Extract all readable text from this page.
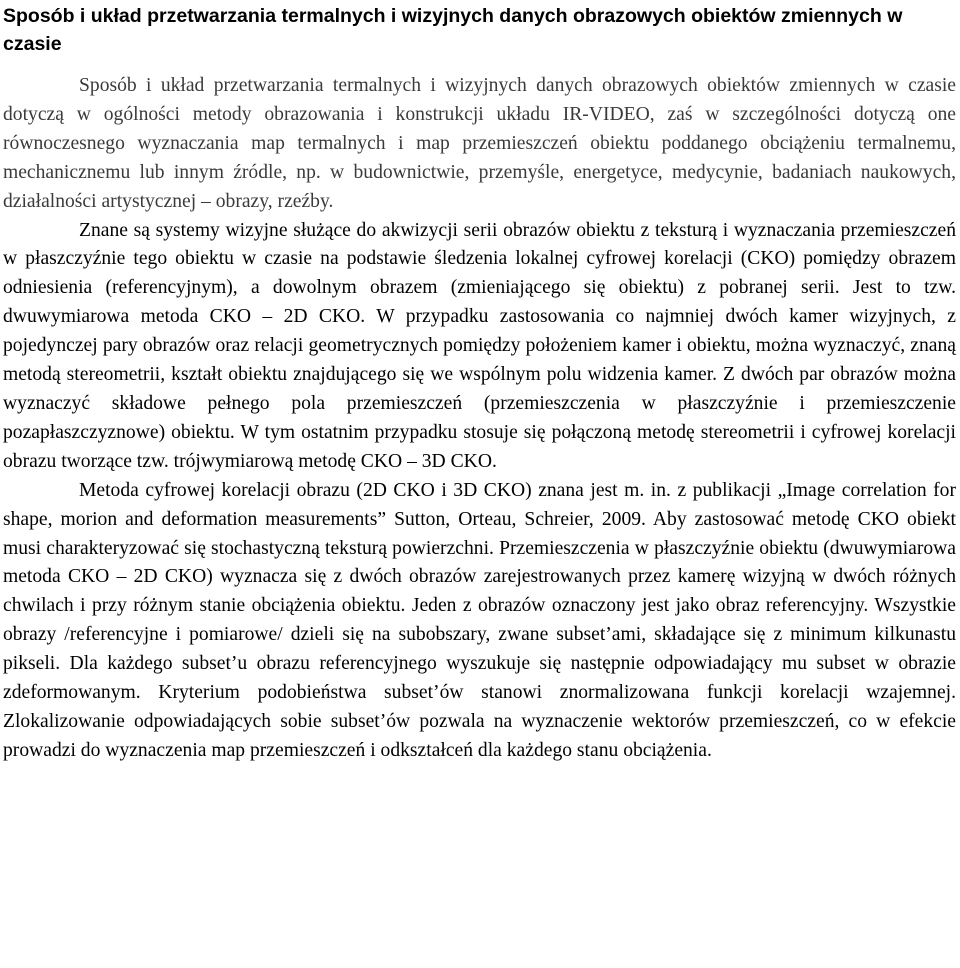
Sposób i układ przetwarzania termalnych i wizyjnych danych obrazowych obiektów zmiennych w czasie

Sposób i układ przetwarzania termalnych i wizyjnych danych obrazowych obiektów zmiennych w czasie dotyczą w ogólności metody obrazowania i konstrukcji układu IR-VIDEO, zaś w szczególności dotyczą one równoczesnego wyznaczania map termalnych i map przemieszczeń obiektu poddanego obciążeniu termalnemu, mechanicznemu lub innym źródle, np. w budownictwie, przemyśle, energetyce, medycynie, badaniach naukowych, działalności artystycznej – obrazy, rzeźby.

Znane są systemy wizyjne służące do akwizycji serii obrazów obiektu z teksturą i wyznaczania przemieszczeń w płaszczyźnie tego obiektu w czasie na podstawie śledzenia lokalnej cyfrowej korelacji (CKO) pomiędzy obrazem odniesienia (referencyjnym), a dowolnym obrazem (zmieniającego się obiektu) z pobranej serii. Jest to tzw. dwuwymiarowa metoda CKO – 2D CKO. W przypadku zastosowania co najmniej dwóch kamer wizyjnych, z pojedynczej pary obrazów oraz relacji geometrycznych pomiędzy położeniem kamer i obiektu, można wyznaczyć, znaną metodą stereometrii, kształt obiektu znajdującego się we wspólnym polu widzenia kamer. Z dwóch par obrazów można wyznaczyć składowe pełnego pola przemieszczeń (przemieszczenia w płaszczyźnie i przemieszczenie pozapłaszczyznowe) obiektu. W tym ostatnim przypadku stosuje się połączoną metodę stereometrii i cyfrowej korelacji obrazu tworzące tzw. trójwymiarową metodę CKO – 3D CKO.

Metoda cyfrowej korelacji obrazu (2D CKO i 3D CKO) znana jest m. in. z publikacji „Image correlation for shape, morion and deformation measurements” Sutton, Orteau, Schreier, 2009. Aby zastosować metodę CKO obiekt musi charakteryzować się stochastyczną teksturą powierzchni. Przemieszczenia w płaszczyźnie obiektu (dwuwymiarowa metoda CKO – 2D CKO) wyznacza się z dwóch obrazów zarejestrowanych przez kamerę wizyjną w dwóch różnych chwilach i przy różnym stanie obciążenia obiektu. Jeden z obrazów oznaczony jest jako obraz referencyjny. Wszystkie obrazy /referencyjne i pomiarowe/ dzieli się na subobszary, zwane subset’ami, składające się z minimum kilkunastu pikseli. Dla każdego subset’u obrazu referencyjnego wyszukuje się następnie odpowiadający mu subset w obrazie zdeformowanym. Kryterium podobieństwa subset’ów stanowi znormalizowana funkcji korelacji wzajemnej. Zlokalizowanie odpowiadających sobie subset’ów pozwala na wyznaczenie wektorów przemieszczeń, co w efekcie prowadzi do wyznaczenia map przemieszczeń i odkształceń dla każdego stanu obciążenia.
